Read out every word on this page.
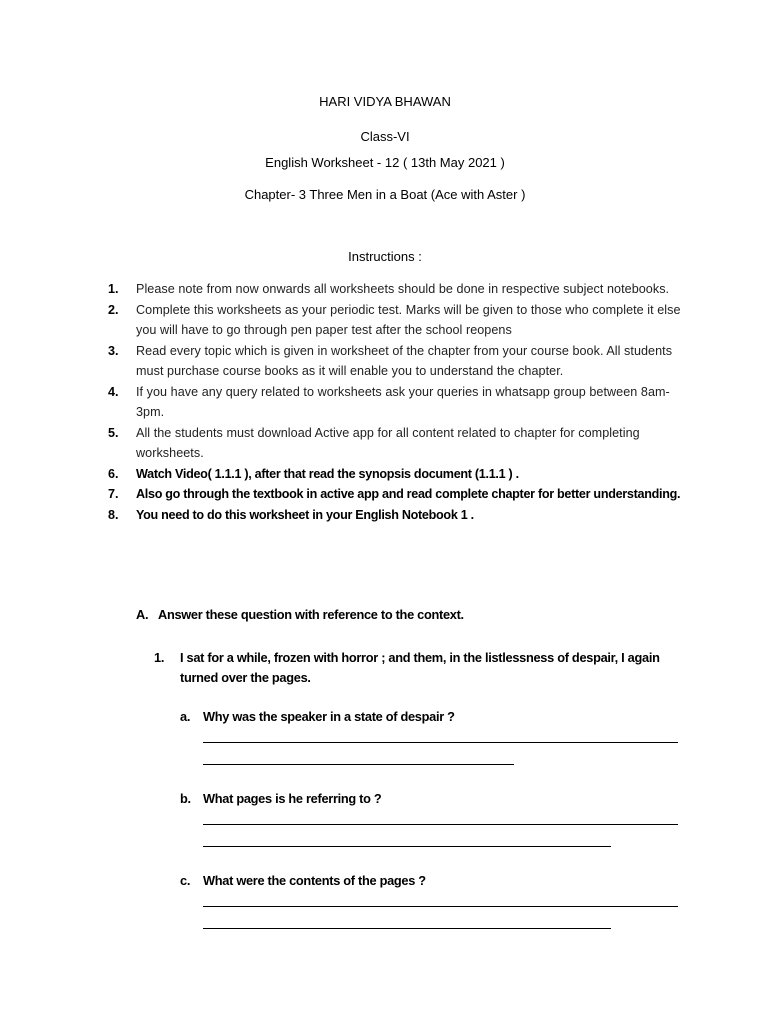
HARI VIDYA BHAWAN
Class-VI
English Worksheet - 12 ( 13th May 2021 )
Chapter- 3 Three Men in a Boat (Ace with Aster )
Instructions :
1. Please note from now onwards all worksheets should be done in respective subject notebooks.
2. Complete this worksheets as your periodic test. Marks will be given to those who complete it else you will have to go through pen paper test after the school reopens
3. Read every topic which is given in worksheet of the chapter from your course book. All students must purchase course books as it will enable you to understand the chapter.
4. If you have any query related to worksheets ask your queries in whatsapp group between 8am-3pm.
5. All the students must download Active app for all content related to chapter for completing worksheets.
6. Watch Video( 1.1.1 ), after that read the synopsis document (1.1.1 ) .
7. Also go through the textbook in active app and read complete chapter for better understanding.
8. You need to do this worksheet in your English Notebook 1 .
A. Answer these question with reference to the context.
1. I sat for a while, frozen with horror ; and them, in the listlessness of despair, I again turned over the pages.
a. Why was the speaker in a state of despair ?
b. What pages is he referring to ?
c. What were the contents of the pages ?
